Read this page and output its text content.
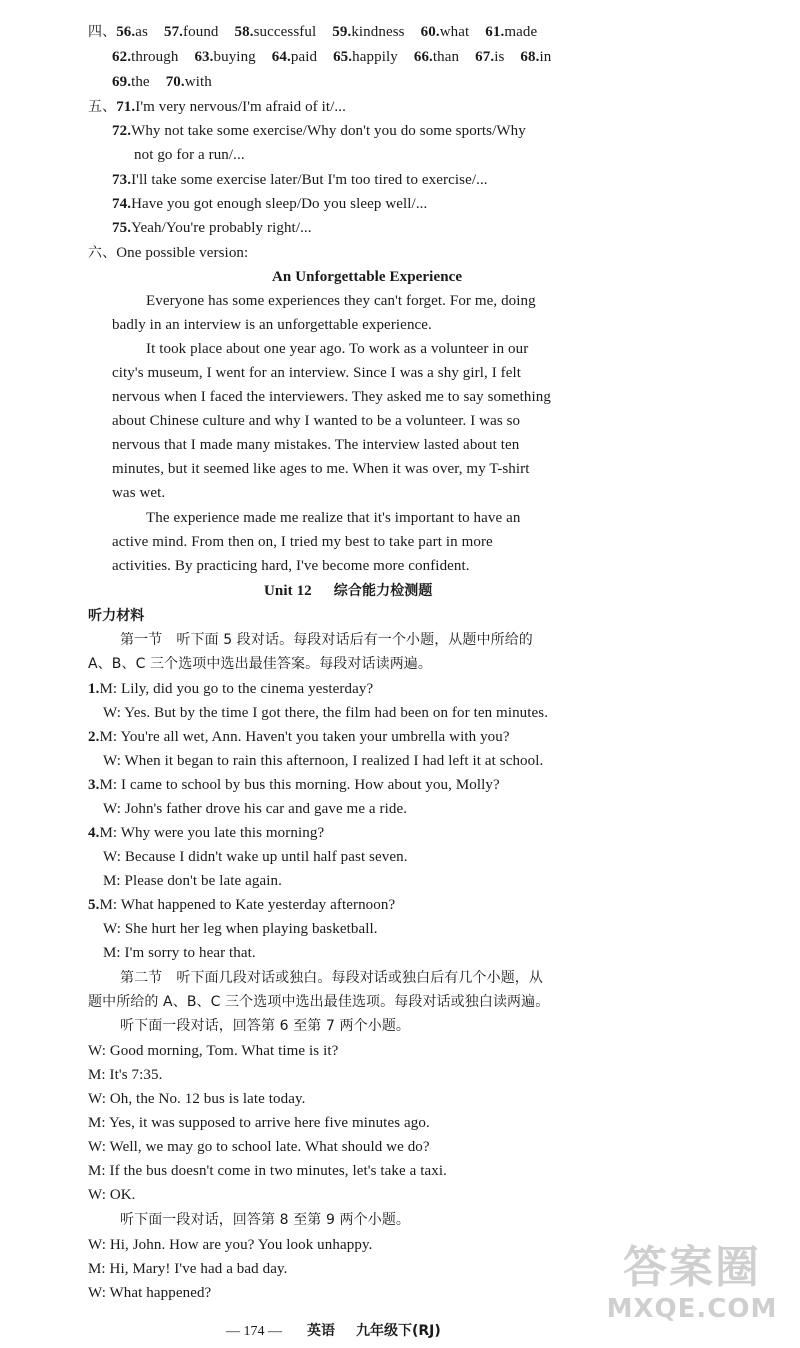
四、56.as 57.found 58.successful 59.kindness 60.what 61.made
62.through 63.buying 64.paid 65.happily 66.than 67.is 68.in
69.the 70.with
五、71.I'm very nervous/I'm afraid of it/...
72.Why not take some exercise/Why don't you do some sports/Why
not go for a run/...
73.I'll take some exercise later/But I'm too tired to exercise/...
74.Have you got enough sleep/Do you sleep well/...
75.Yeah/You're probably right/...
六、One possible version:
An Unforgettable Experience
Everyone has some experiences they can't forget. For me, doing
badly in an interview is an unforgettable experience.
It took place about one year ago. To work as a volunteer in our
city's museum, I went for an interview. Since I was a shy girl, I felt
nervous when I faced the interviewers. They asked me to say something
about Chinese culture and why I wanted to be a volunteer. I was so
nervous that I made many mistakes. The interview lasted about ten
minutes, but it seemed like ages to me. When it was over, my T-shirt
was wet.
The experience made me realize that it's important to have an
active mind. From then on, I tried my best to take part in more
activities. By practicing hard, I've become more confident.
Unit 12 综合能力检测题
听力材料
第一节　听下面 5 段对话。每段对话后有一个小题，从题中所给的
A、B、C 三个选项中选出最佳答案。每段对话读两遍。
1.M: Lily, did you go to the cinema yesterday?
W: Yes. But by the time I got there, the film had been on for ten minutes.
2.M: You're all wet, Ann. Haven't you taken your umbrella with you?
W: When it began to rain this afternoon, I realized I had left it at school.
3.M: I came to school by bus this morning. How about you, Molly?
W: John's father drove his car and gave me a ride.
4.M: Why were you late this morning?
W: Because I didn't wake up until half past seven.
M: Please don't be late again.
5.M: What happened to Kate yesterday afternoon?
W: She hurt her leg when playing basketball.
M: I'm sorry to hear that.
第二节　听下面几段对话或独白。每段对话或独白后有几个小题，从
题中所给的 A、B、C 三个选项中选出最佳选项。每段对话或独白读两遍。
听下面一段对话，回答第 6 至第 7 两个小题。
W: Good morning, Tom. What time is it?
M: It's 7:35.
W: Oh, the No. 12 bus is late today.
M: Yes, it was supposed to arrive here five minutes ago.
W: Well, we may go to school late. What should we do?
M: If the bus doesn't come in two minutes, let's take a taxi.
W: OK.
听下面一段对话，回答第 8 至第 9 两个小题。
W: Hi, John. How are you? You look unhappy.
M: Hi, Mary! I've had a bad day.
W: What happened?
— 174 — 英语 九年级下(RJ)
答案圈
MXQE.COM
